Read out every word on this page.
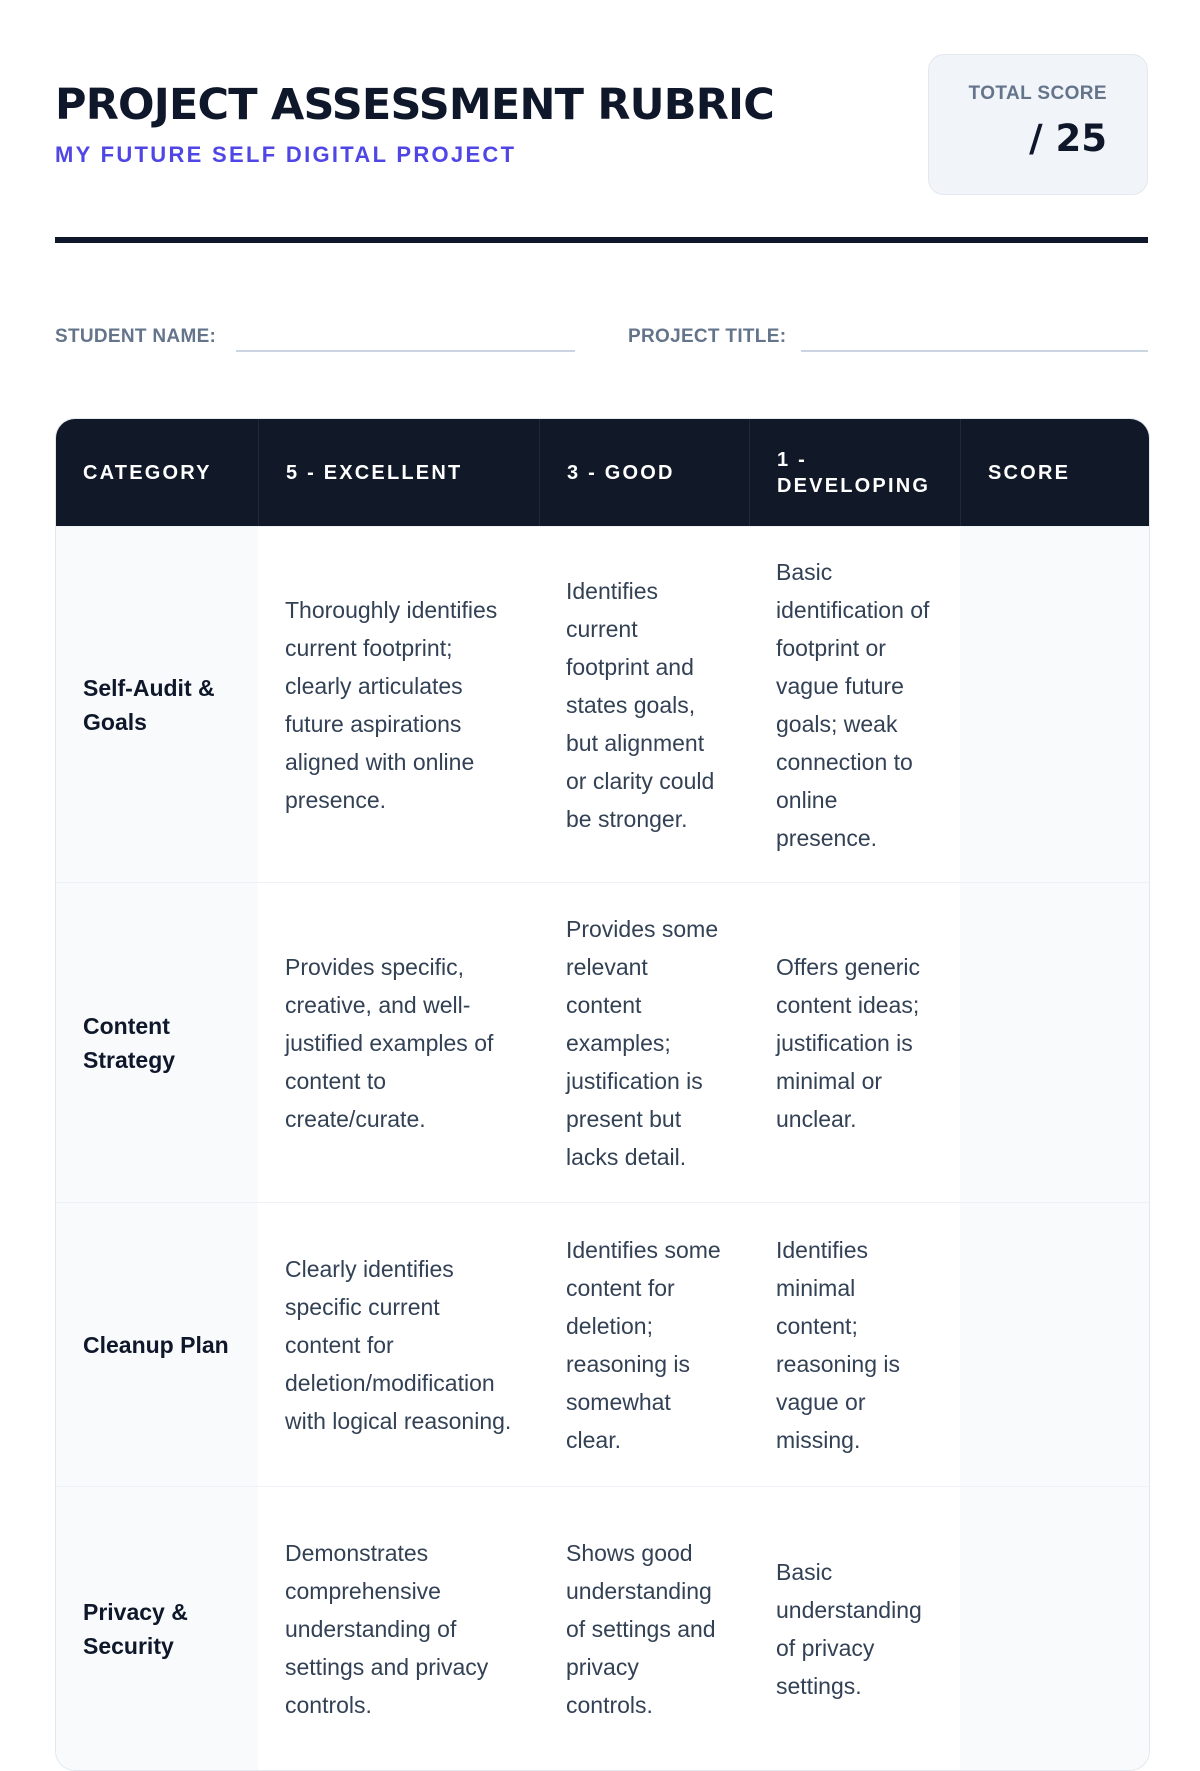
PROJECT ASSESSMENT RUBRIC
MY FUTURE SELF DIGITAL PROJECT
TOTAL SCORE
/ 25
STUDENT NAME:	PROJECT TITLE:
CATEGORY	5 - EXCELLENT	3 - GOOD	1 - DEVELOPING	SCORE
Self-Audit & Goals	Thoroughly identifies current footprint; clearly articulates future aspirations aligned with online presence.	Identifies current footprint and states goals, but alignment or clarity could be stronger.	Basic identification of footprint or vague future goals; weak connection to online presence.	
Content Strategy	Provides specific, creative, and well-justified examples of content to create/curate.	Provides some relevant content examples; justification is present but lacks detail.	Offers generic content ideas; justification is minimal or unclear.	
Cleanup Plan	Clearly identifies specific current content for deletion/modification with logical reasoning.	Identifies some content for deletion; reasoning is somewhat clear.	Identifies minimal content; reasoning is vague or missing.	
Privacy & Security	Demonstrates comprehensive understanding of settings and privacy controls.	Shows good understanding of settings and privacy controls.	Basic understanding of privacy settings.	
